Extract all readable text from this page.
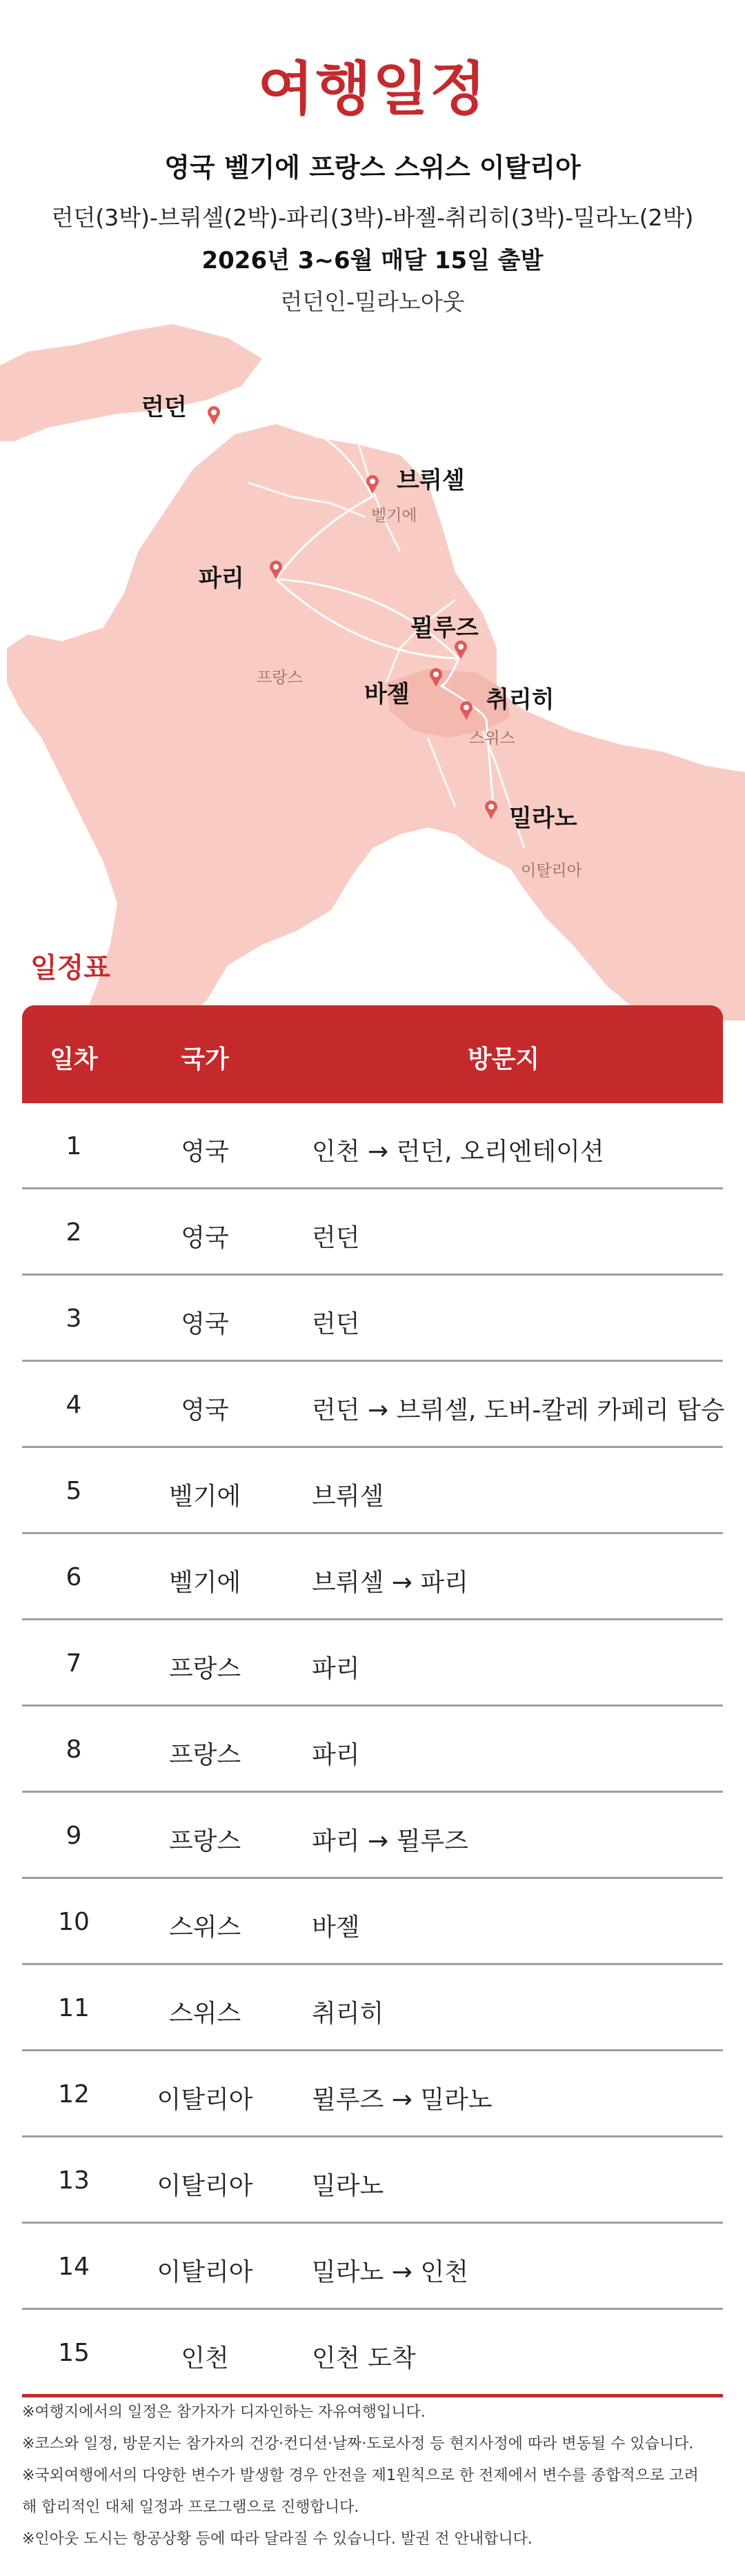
여행일정
영국 벨기에 프랑스 스위스 이탈리아
런던(3박)-브뤼셀(2박)-파리(3박)-바젤-취리히(3박)-밀라노(2박)
2026년 3~6월 매달 15일 출발
런던인-밀라노아웃
런던
브뤼셀
파리
뮐루즈
바젤	취리히
밀라노
벨기에
프랑스
스위스
이탈리아
일정표
일차	국가	방문지
1	영국	인천 → 런던, 오리엔테이션
2	영국	런던
3	영국	런던
4	영국	런던 → 브뤼셀, 도버-칼레 카페리 탑승
5	벨기에	브뤼셀
6	벨기에	브뤼셀 → 파리
7	프랑스	파리
8	프랑스	파리
9	프랑스	파리 → 뮐루즈
10	스위스	바젤
11	스위스	취리히
12	이탈리아	뮐루즈 → 밀라노
13	이탈리아	밀라노
14	이탈리아	밀라노 → 인천
15	인천	인천 도착

※여행지에서의 일정은 참가자가 디자인하는 자유여행입니다.

※코스와 일정, 방문지는 참가자의 건강·컨디션·날짜·도로사정 등 현지사정에 따라 변동될 수 있습니다.

※국외여행에서의 다양한 변수가 발생할 경우 안전을 제1원칙으로 한 전제에서 변수를 종합적으로 고려

해 합리적인 대체 일정과 프로그램으로 진행합니다.

※인아웃 도시는 항공상황 등에 따라 달라질 수 있습니다. 발권 전 안내합니다.
